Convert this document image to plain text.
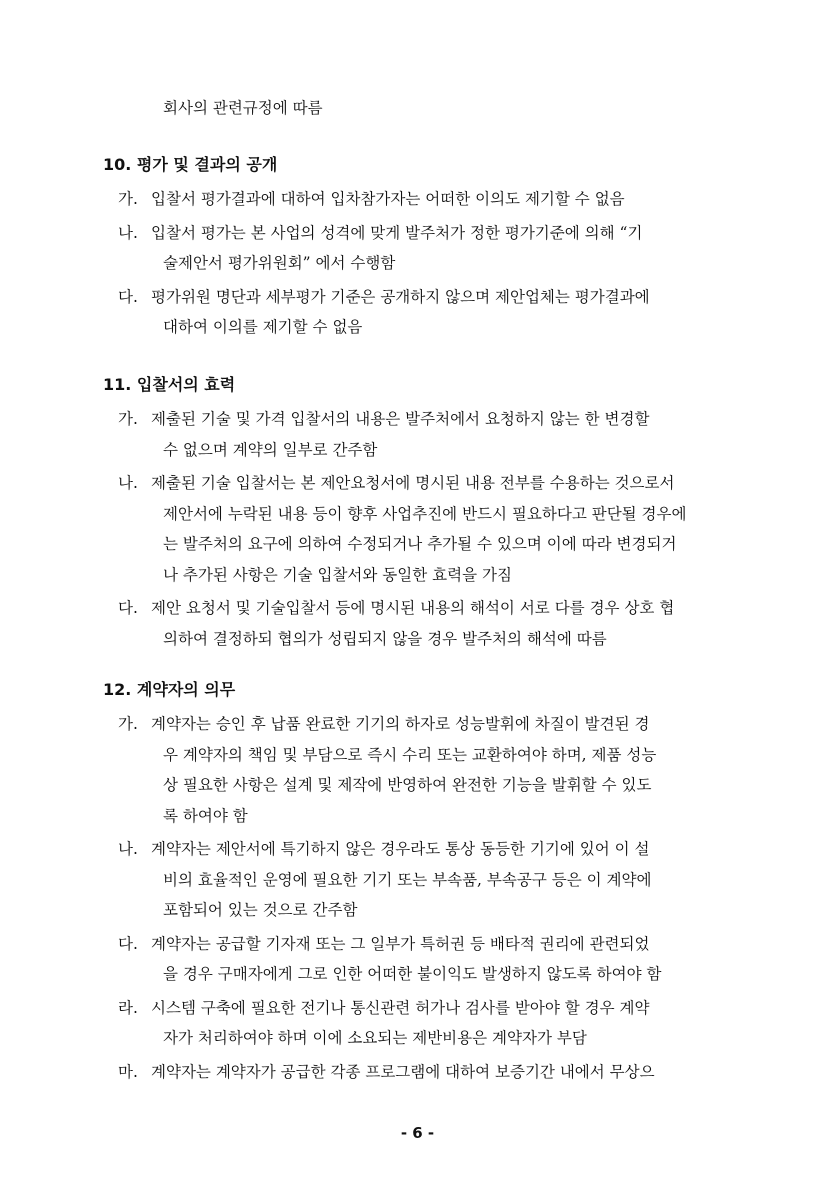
회사의 관련규정에 따름
10. 평가 및 결과의 공개
가. 입찰서 평가결과에 대하여 입차참가자는 어떠한 이의도 제기할 수 없음
나. 입찰서 평가는 본 사업의 성격에 맞게 발주처가 정한 평가기준에 의해 “기
술제안서 평가위원회” 에서 수행함
다. 평가위원 명단과 세부평가 기준은 공개하지 않으며 제안업체는 평가결과에
대하여 이의를 제기할 수 없음
11. 입찰서의 효력
가. 제출된 기술 및 가격 입찰서의 내용은 발주처에서 요청하지 않는 한 변경할
수 없으며 계약의 일부로 간주함
나. 제출된 기술 입찰서는 본 제안요청서에 명시된 내용 전부를 수용하는 것으로서
제안서에 누락된 내용 등이 향후 사업추진에 반드시 필요하다고 판단될 경우에
는 발주처의 요구에 의하여 수정되거나 추가될 수 있으며 이에 따라 변경되거
나 추가된 사항은 기술 입찰서와 동일한 효력을 가짐
다. 제안 요청서 및 기술입찰서 등에 명시된 내용의 해석이 서로 다를 경우 상호 협
의하여 결정하되 협의가 성립되지 않을 경우 발주처의 해석에 따름
12. 계약자의 의무
가. 계약자는 승인 후 납품 완료한 기기의 하자로 성능발휘에 차질이 발견된 경
우 계약자의 책임 및 부담으로 즉시 수리 또는 교환하여야 하며, 제품 성능
상 필요한 사항은 설계 및 제작에 반영하여 완전한 기능을 발휘할 수 있도
록 하여야 함
나. 계약자는 제안서에 특기하지 않은 경우라도 통상 동등한 기기에 있어 이 설
비의 효율적인 운영에 필요한 기기 또는 부속품, 부속공구 등은 이 계약에
포함되어 있는 것으로 간주함
다. 계약자는 공급할 기자재 또는 그 일부가 특허권 등 배타적 권리에 관련되었
을 경우 구매자에게 그로 인한 어떠한 불이익도 발생하지 않도록 하여야 함
라. 시스템 구축에 필요한 전기나 통신관련 허가나 검사를 받아야 할 경우 계약
자가 처리하여야 하며 이에 소요되는 제반비용은 계약자가 부담
마. 계약자는 계약자가 공급한 각종 프로그램에 대하여 보증기간 내에서 무상으
- 6 -
